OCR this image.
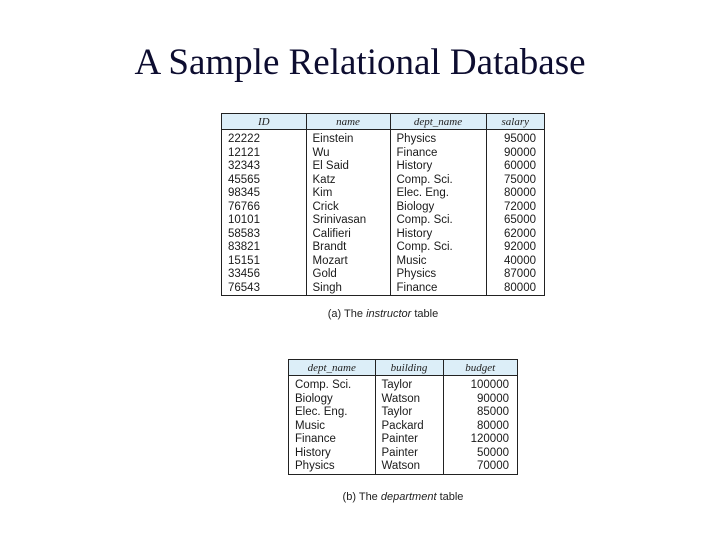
A Sample Relational Database
ID	name	dept_name	salary

22222	Einstein	Physics	95000
12121	Wu	Finance	90000
32343	El Said	History	60000
45565	Katz	Comp. Sci.	75000
98345	Kim	Elec. Eng.	80000
76766	Crick	Biology	72000
10101	Srinivasan	Comp. Sci.	65000
58583	Califieri	History	62000
83821	Brandt	Comp. Sci.	92000
15151	Mozart	Music	40000
33456	Gold	Physics	87000
76543	Singh	Finance	80000
(a) The instructor table
dept_name	building	budget

Comp. Sci.	Taylor	100000
Biology	Watson	90000
Elec. Eng.	Taylor	85000
Music	Packard	80000
Finance	Painter	120000
History	Painter	50000
Physics	Watson	70000
(b) The department table
